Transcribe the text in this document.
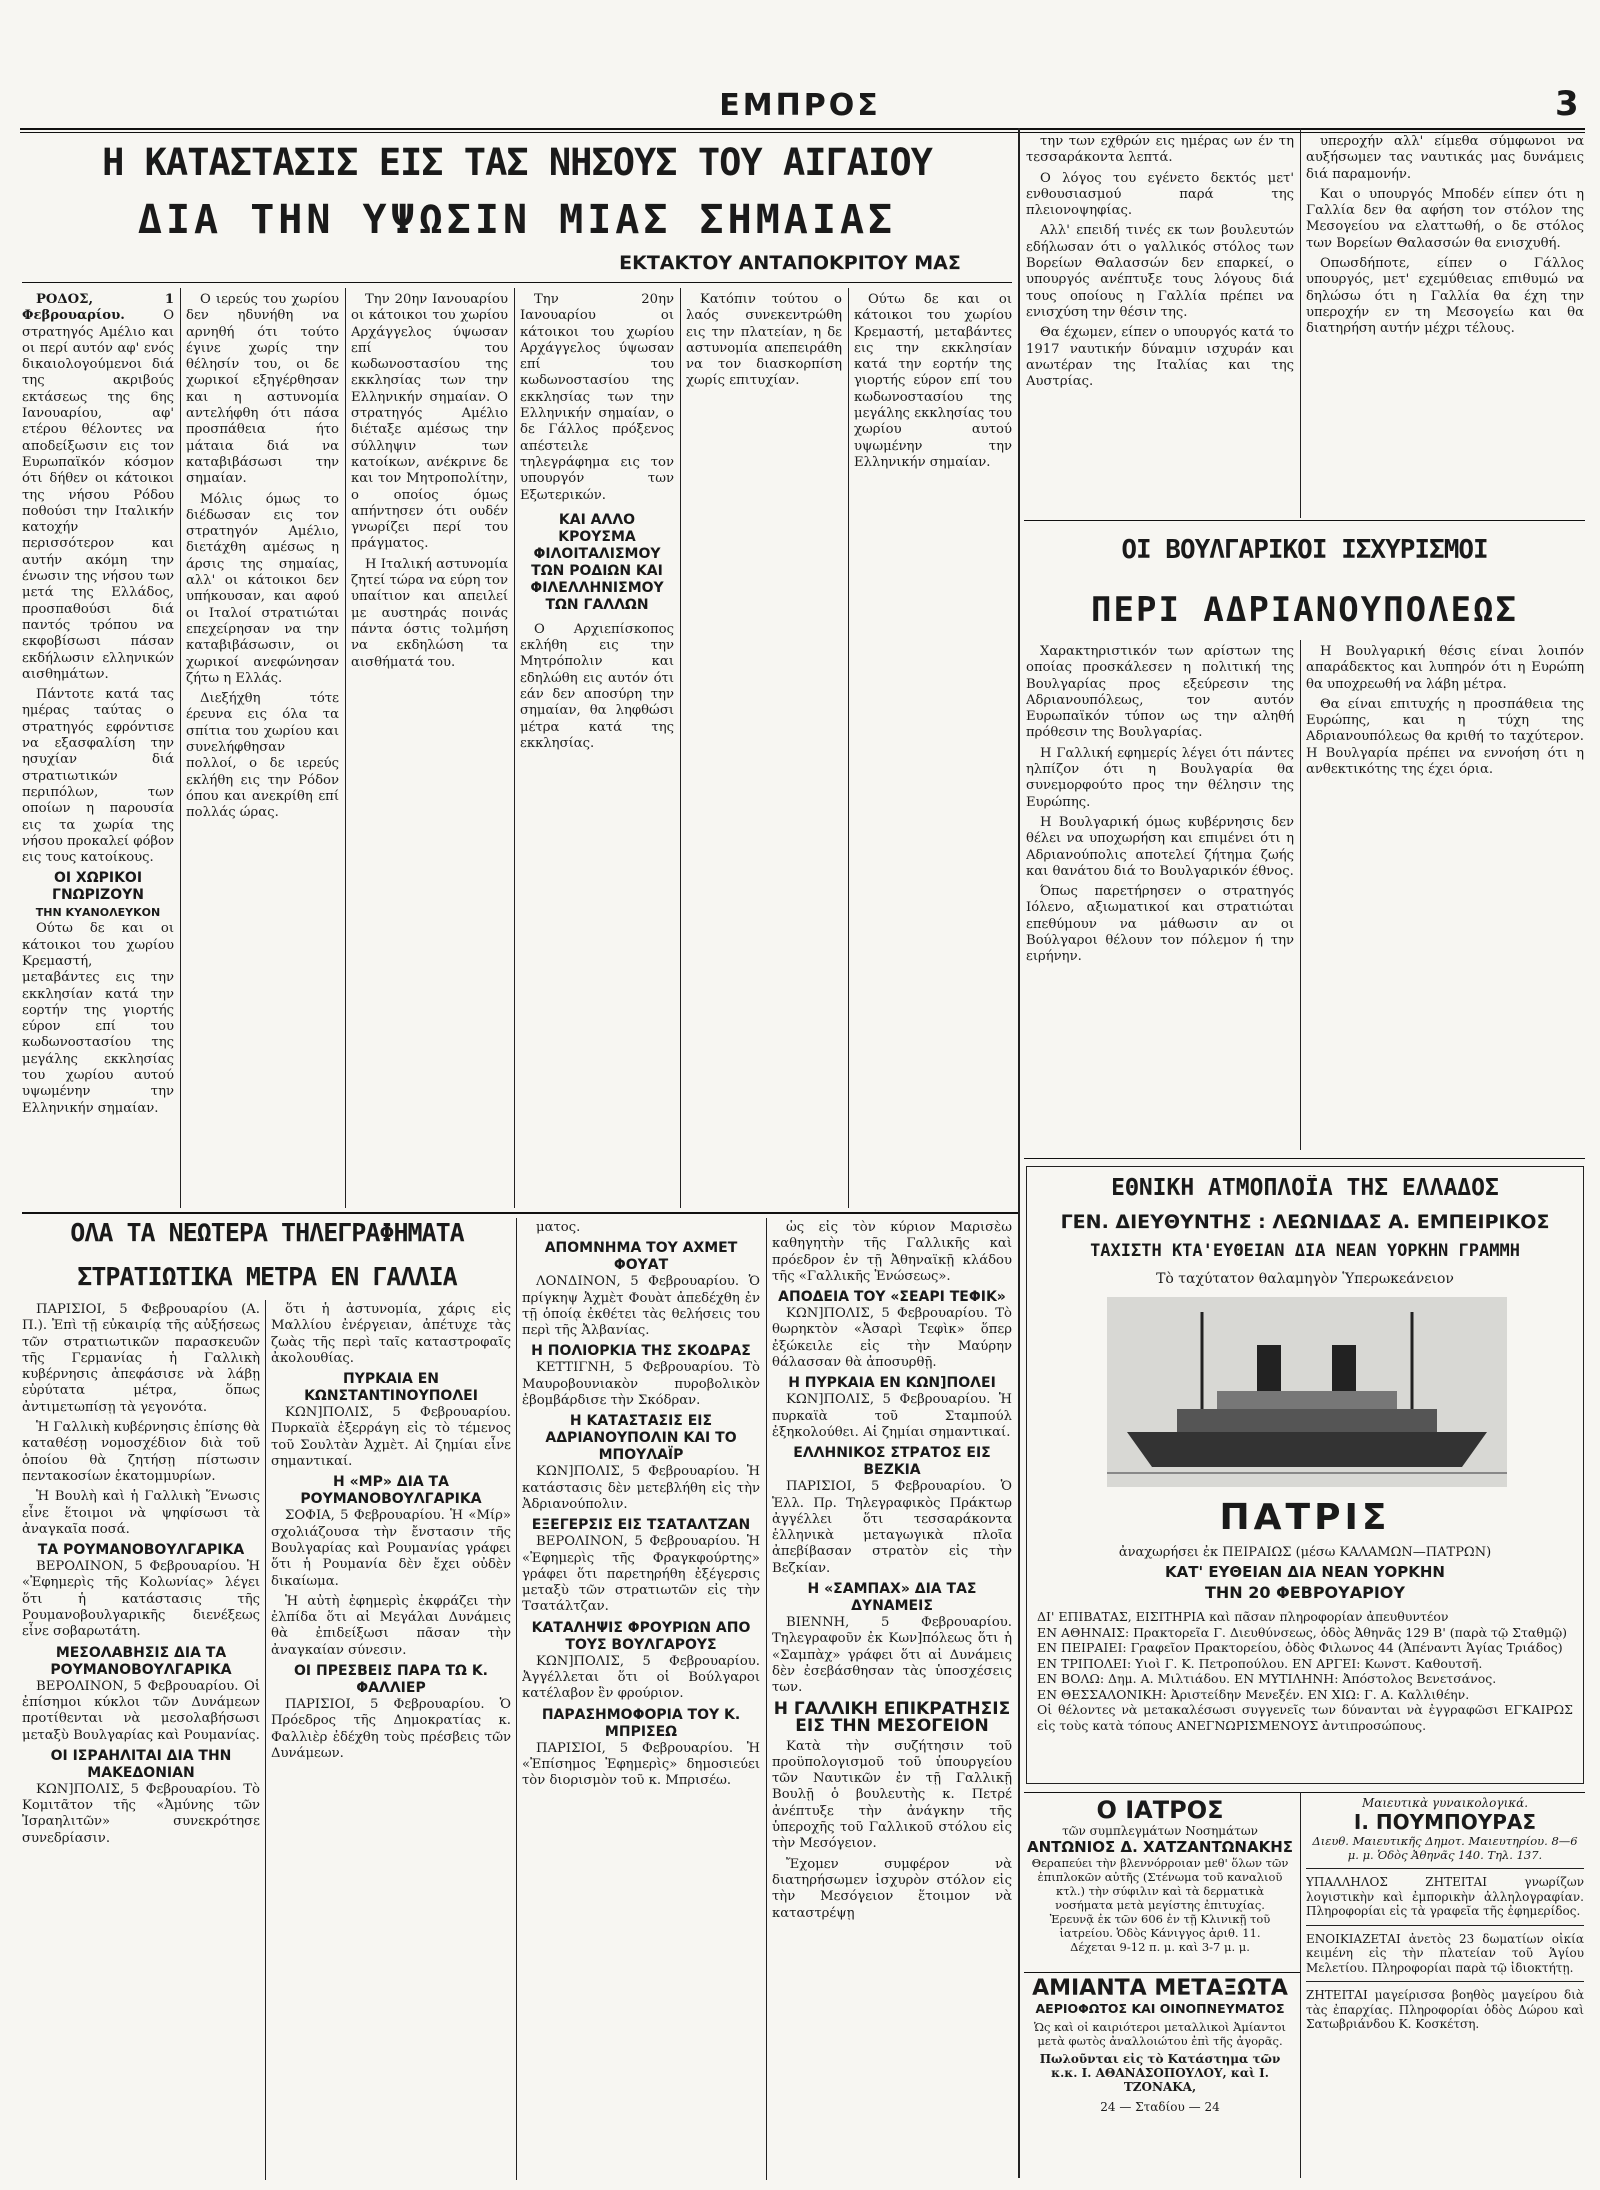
ΕΜΠΡΟΣ	3
Η ΚΑΤΑΣΤΑΣΙΣ ΕΙΣ ΤΑΣ ΝΗΣΟΥΣ ΤΟΥ ΑΙΓΑΙΟΥ
ΔΙΑ ΤΗΝ ΥΨΩΣΙΝ ΜΙΑΣ ΣΗΜΑΙΑΣ
ΕΚΤΑΚΤΟΥ ΑΝΤΑΠΟΚΡΙΤΟΥ ΜΑΣ

ΡΟΔΟΣ, 1 Φεβρουαρίου.	Ο στρατηγός Αμέλιο και οι περί αυτόν αφ' ενός δικαιολογούμενοι διά της ακριβούς εκτάσεως της 6ης Ιανουαρίου, αφ' ετέρου θέλοντες να αποδείξωσιν εις τον Ευρωπαϊκόν κόσμον ότι δήθεν οι κάτοικοι της νήσου Ρόδου ποθούσι την Ιταλικήν κατοχήν περισσότερον και αυτήν ακόμη την ένωσιν της νήσου των μετά της Ελλάδος, προσπαθούσι διά παντός τρόπου να εκφοβίσωσι πάσαν εκδήλωσιν ελληνικών αισθημάτων.

Πάντοτε κατά τας ημέρας ταύτας ο στρατηγός εφρόντισε να εξασφαλίση την ησυχίαν διά στρατιωτικών περιπόλων, των οποίων η παρουσία εις τα χωρία της νήσου προκαλεί φόβον εις τους κατοίκους.

ΟΙ ΧΩΡΙΚΟΙ ΓΝΩΡΙΖΟΥΝ
ΤΗΝ ΚΥΑΝΟΛΕΥΚΟΝ

Ούτω δε και οι κάτοικοι του χωρίου Κρεμαστή, μεταβάντες εις την εκκλησίαν κατά την εορτήν της γιορτής εύρον επί του κωδωνοστασίου της μεγάλης εκκλησίας του χωρίου αυτού υψωμένην την Ελληνικήν σημαίαν.

Ο ιερεύς του χωρίου δεν ηδυνήθη να αρνηθή ότι τούτο έγινε χωρίς την θέλησίν του, οι δε χωρικοί εξηγέρθησαν και η αστυνομία αντελήφθη ότι πάσα προσπάθεια ήτο μάταια διά να καταβιβάσωσι την σημαίαν.

Μόλις όμως το διέδωσαν εις τον στρατηγόν Αμέλιο, διετάχθη αμέσως η άρσις της σημαίας, αλλ' οι κάτοικοι δεν υπήκουσαν, και αφού οι Ιταλοί στρατιώται επεχείρησαν να την καταβιβάσωσιν, οι χωρικοί ανεφώνησαν ζήτω η Ελλάς.

Διεξήχθη τότε έρευνα εις όλα τα σπίτια του χωρίου και συνελήφθησαν πολλοί, ο δε ιερεύς εκλήθη εις την Ρόδον όπου και ανεκρίθη επί πολλάς ώρας.

Την 20ην Ιανουαρίου οι κάτοικοι του χωρίου Αρχάγγελος ύψωσαν επί του κωδωνοστασίου της εκκλησίας των την Ελληνικήν σημαίαν. Ο στρατηγός Αμέλιο διέταξε αμέσως την σύλληψιν των κατοίκων, ανέκρινε δε και τον Μητροπολίτην, ο οποίος όμως απήντησεν ότι ουδέν γνωρίζει περί του πράγματος.

Η Ιταλική αστυνομία ζητεί τώρα να εύρη τον υπαίτιον και απειλεί με αυστηράς ποινάς πάντα όστις τολμήση να εκδηλώση τα αισθήματά του.

Την 20ην Ιανουαρίου οι κάτοικοι του χωρίου Αρχάγγελος ύψωσαν επί του κωδωνοστασίου της εκκλησίας των την Ελληνικήν σημαίαν, ο δε Γάλλος πρόξενος απέστειλε τηλεγράφημα εις τον υπουργόν των Εξωτερικών.

ΚΑΙ ΑΛΛΟ ΚΡΟΥΣΜΑ ΦΙΛΟΙΤΑΛΙΣΜΟΥ ΤΩΝ ΡΟΔΙΩΝ ΚΑΙ ΦΙΛΕΛΛΗΝΙΣΜΟΥ ΤΩΝ ΓΑΛΛΩΝ

Ο Αρχιεπίσκοπος εκλήθη εις την Μητρόπολιν και εδηλώθη εις αυτόν ότι εάν δεν αποσύρη την σημαίαν, θα ληφθώσι μέτρα κατά της εκκλησίας.

Κατόπιν τούτου ο λαός συνεκεντρώθη εις την πλατείαν, η δε αστυνομία απεπειράθη να τον διασκορπίση χωρίς επιτυχίαν.

Ούτω δε και οι κάτοικοι του χωρίου Κρεμαστή, μεταβάντες εις την εκκλησίαν κατά την εορτήν της γιορτής εύρον επί του κωδωνοστασίου της μεγάλης εκκλησίας του χωρίου αυτού υψωμένην την Ελληνικήν σημαίαν.

την των εχθρών εις ημέρας ων έν τη τεσσαράκοντα λεπτά.

Ο λόγος του εγένετο δεκτός μετ' ενθουσιασμού παρά της πλειονοψηφίας.

Αλλ' επειδή τινές εκ των βουλευτών εδήλωσαν ότι ο γαλλικός στόλος των Βορείων Θαλασσών δεν επαρκεί, ο υπουργός ανέπτυξε τους λόγους διά τους οποίους η Γαλλία πρέπει να ενισχύση την θέσιν της.

Θα έχωμεν, είπεν ο υπουργός κατά το 1917 ναυτικήν δύναμιν ισχυράν και ανωτέραν της Ιταλίας και της Αυστρίας.

υπεροχήν αλλ' είμεθα σύμφωνοι να αυξήσωμεν τας ναυτικάς μας δυνάμεις διά παραμονήν.

Και ο υπουργός Μποδέν είπεν ότι η Γαλλία δεν θα αφήση τον στόλον της Μεσογείου να ελαττωθή, ο δε στόλος των Βορείων Θαλασσών θα ενισχυθή.

Οπωσδήποτε, είπεν ο Γάλλος υπουργός, μετ' εχεμύθειας επιθυμώ να δηλώσω ότι η Γαλλία θα έχη την υπεροχήν εν τη Μεσογείω και θα διατηρήση αυτήν μέχρι τέλους.

ΟΙ ΒΟΥΛΓΑΡΙΚΟΙ ΙΣΧΥΡΙΣΜΟΙ
ΠΕΡΙ ΑΔΡΙΑΝΟΥΠΟΛΕΩΣ

Χαρακτηριστικόν των αρίστων της οποίας προσκάλεσεν η πολιτική της Βουλγαρίας προς εξεύρεσιν της Αδριανουπόλεως, τον αυτόν Ευρωπαϊκόν τύπον ως την αληθή πρόθεσιν της Βουλγαρίας.

Η Γαλλική εφημερίς λέγει ότι πάντες ηλπίζον ότι η Βουλγαρία θα συνεμορφούτο προς την θέλησιν της Ευρώπης.

Η Βουλγαρική όμως κυβέρνησις δεν θέλει να υποχωρήση και επιμένει ότι η Αδριανούπολις αποτελεί ζήτημα ζωής και θανάτου διά το Βουλγαρικόν έθνος.

Όπως παρετήρησεν ο στρατηγός Ιόλενο, αξιωματικοί και στρατιώται επεθύμουν να μάθωσιν αν οι Βούλγαροι θέλουν τον πόλεμον ή την ειρήνην.

Η Βουλγαρική θέσις είναι λοιπόν απαράδεκτος και λυπηρόν ότι η Ευρώπη θα υποχρεωθή να λάβη μέτρα.

Θα είναι επιτυχής η προσπάθεια της Ευρώπης, και η τύχη της Αδριανουπόλεως θα κριθή το ταχύτερον. Η Βουλγαρία πρέπει να εννοήση ότι η ανθεκτικότης της έχει όρια.

ΕΘΝΙΚΗ ΑΤΜΟΠΛΟΪΑ ΤΗΣ ΕΛΛΑΔΟΣ
ΓΕΝ. ΔΙΕΥΘΥΝΤΗΣ : ΛΕΩΝΙΔΑΣ Α. ΕΜΠΕΙΡΙΚΟΣ
ΤΑΧΙΣΤΗ ΚΤΑ'ΕΥΘΕΙΑΝ ΔΙΑ ΝΕΑΝ ΥΟΡΚΗΝ ΓΡΑΜΜΗ
Τὸ ταχύτατον θαλαμηγὸν Ὑπερωκεάνειον
ΠΑΤΡΙΣ
ἀναχωρήσει ἐκ ΠΕΙΡΑΙΩΣ (μέσω ΚΑΛΑΜΩΝ—ΠΑΤΡΩΝ)
ΚΑΤ' ΕΥΘΕΙΑΝ ΔΙΑ ΝΕΑΝ ΥΟΡΚΗΝ
ΤΗΝ 20 ΦΕΒΡΟΥΑΡΙΟΥ
ΔΙ' ΕΠΙΒΑΤΑΣ, ΕΙΣΙΤΗΡΙΑ καὶ πᾶσαν πληροφορίαν ἀπευθυντέον
ΕΝ ΑΘΗΝΑΙΣ: Πρακτορεῖα Γ. Διευθύνσεως, ὁδὸς Ἀθηνᾶς 129 Β' (παρὰ τῷ Σταθμῷ)
ΕΝ ΠΕΙΡΑΙΕΙ: Γραφεῖον Πρακτορείου, ὁδὸς Φιλωνος 44 (Ἀπέναντι Ἁγίας Τριάδος)
ΕΝ ΤΡΙΠΟΛΕΙ: Υιοὶ Γ. Κ. Πετροπούλου. ΕΝ ΑΡΓΕΙ: Κωνστ. Καθουτσῆ.
ΕΝ ΒΟΛΩ: Δημ. Α. Μιλτιάδου. ΕΝ ΜΥΤΙΛΗΝΗ: Ἀπόστολος Βενετσάνος.
ΕΝ ΘΕΣΣΑΛΟΝΙΚΗ: Ἀριστείδην Μενεξέν. ΕΝ ΧΙΩ: Γ. Α. Καλλιθέην.
Οἱ θέλοντες νὰ μετακαλέσωσι συγγενεῖς των δύνανται νὰ ἐγγραφῶσι ΕΓΚΑΙΡΩΣ εἰς τοὺς κατὰ τόπους ΑΝΕΓΝΩΡΙΣΜΕΝΟΥΣ ἀντιπροσώπους.
ΟΛΑ ΤΑ ΝΕΩΤΕΡΑ ΤΗΛΕΓΡΑΦΗΜΑΤΑ
ΣΤΡΑΤΙΩΤΙΚΑ ΜΕΤΡΑ ΕΝ ΓΑΛΛΙΑ

ΠΑΡΙΣΙΟΙ, 5 Φεβρουαρίου (Α. Π.). Ἐπὶ τῇ εὐκαιρίᾳ τῆς αὐξήσεως τῶν στρατιωτικῶν παρασκευῶν τῆς Γερμανίας ἡ Γαλλικὴ κυβέρνησις ἀπεφάσισε νὰ λάβῃ εὐρύτατα μέτρα, ὅπως ἀντιμετωπίσῃ τὰ γεγονότα.

Ἡ Γαλλικὴ κυβέρνησις ἐπίσης θὰ καταθέσῃ νομοσχέδιον διὰ τοῦ ὁποίου θὰ ζητήσῃ πίστωσιν πεντακοσίων ἑκατομμυρίων.

Ἡ Βουλὴ καὶ ἡ Γαλλικὴ Ἕνωσις εἶνε ἕτοιμοι νὰ ψηφίσωσι τὰ ἀναγκαῖα ποσά.

ΤΑ ΡΟΥΜΑΝΟΒΟΥΛΓΑΡΙΚΑ

ΒΕΡΟΛΙΝΟΝ, 5 Φεβρουαρίου. Ἡ «Ἐφημερὶς τῆς Κολωνίας» λέγει ὅτι ἡ κατάστασις τῆς Ρουμανοβουλγαρικῆς διενέξεως εἶνε σοβαρωτάτη.

ΜΕΣΟΛΑΒΗΣΙΣ ΔΙΑ ΤΑ ΡΟΥΜΑΝΟΒΟΥΛΓΑΡΙΚΑ

ΒΕΡΟΛΙΝΟΝ, 5 Φεβρουαρίου. Οἱ ἐπίσημοι κύκλοι τῶν Δυνάμεων προτίθενται νὰ μεσολαβήσωσι μεταξὺ Βουλγαρίας καὶ Ρουμανίας.

ΟΙ ΙΣΡΑΗΛΙΤΑΙ ΔΙΑ ΤΗΝ ΜΑΚΕΔΟΝΙΑΝ

ΚΩΝ]ΠΟΛΙΣ, 5 Φεβρουαρίου. Τὸ Κομιτᾶτον τῆς «Ἀμύνης τῶν Ἰσραηλιτῶν» συνεκρότησε συνεδρίασιν.

ὅτι ἡ ἀστυνομία, χάρις εἰς Μαλλίου ἐνέργειαν, ἀπέτυχε τὰς ζωὰς τῆς περὶ ταῖς καταστροφαῖς ἀκολουθίας.

ΠΥΡΚΑΙΑ ΕΝ ΚΩΝΣΤΑΝΤΙΝΟΥΠΟΛΕΙ

ΚΩΝ]ΠΟΛΙΣ, 5 Φεβρουαρίου. Πυρκαϊὰ ἐξερράγη εἰς τὸ τέμενος τοῦ Σουλτὰν Ἀχμὲτ. Αἱ ζημίαι εἶνε σημαντικαί.

Η «ΜΡ» ΔΙΑ ΤΑ ΡΟΥΜΑΝΟΒΟΥΛΓΑΡΙΚΑ

ΣΟΦΙΑ, 5 Φεβρουαρίου. Ἡ «Μίρ» σχολιάζουσα τὴν ἔνστασιν τῆς Βουλγαρίας καὶ Ρουμανίας γράφει ὅτι ἡ Ρουμανία δὲν ἔχει οὐδὲν δικαίωμα.

Ἡ αὐτὴ ἐφημερὶς ἐκφράζει τὴν ἐλπίδα ὅτι αἱ Μεγάλαι Δυνάμεις θὰ ἐπιδείξωσι πᾶσαν τὴν ἀναγκαίαν σύνεσιν.

ΟΙ ΠΡΕΣΒΕΙΣ ΠΑΡΑ ΤΩ Κ. ΦΑΛΛΙΕΡ

ΠΑΡΙΣΙΟΙ, 5 Φεβρουαρίου. Ὁ Πρόεδρος τῆς Δημοκρατίας κ. Φαλλιὲρ ἐδέχθη τοὺς πρέσβεις τῶν Δυνάμεων.

ματος.

ΑΠΟΜΝΗΜΑ ΤΟΥ ΑΧΜΕΤ ΦΟΥΑΤ

ΛΟΝΔΙΝΟΝ, 5 Φεβρουαρίου. Ὁ πρίγκηψ Ἀχμὲτ Φουὰτ ἀπεδέχθη ἐν τῇ ὁποίᾳ ἐκθέτει τὰς θελήσεις του περὶ τῆς Ἀλβανίας.

Η ΠΟΛΙΟΡΚΙΑ ΤΗΣ ΣΚΟΔΡΑΣ

ΚΕΤΤΙΓΝΗ, 5 Φεβρουαρίου. Τὸ Μαυροβουνιακὸν πυροβολικὸν ἐβομβάρδισε τὴν Σκόδραν.

Η ΚΑΤΑΣΤΑΣΙΣ ΕΙΣ ΑΔΡΙΑΝΟΥΠΟΛΙΝ ΚΑΙ ΤΟ ΜΠΟΥΛΑΪΡ

ΚΩΝ]ΠΟΛΙΣ, 5 Φεβρουαρίου. Ἡ κατάστασις δὲν μετεβλήθη εἰς τὴν Ἀδριανούπολιν.

ΕΞΕΓΕΡΣΙΣ ΕΙΣ ΤΣΑΤΑΛΤΖΑΝ

ΒΕΡΟΛΙΝΟΝ, 5 Φεβρουαρίου. Ἡ «Ἐφημερὶς τῆς Φραγκφούρτης» γράφει ὅτι παρετηρήθη ἐξέγερσις μεταξὺ τῶν στρατιωτῶν εἰς τὴν Τσατάλτζαν.

ΚΑΤΑΛΗΨΙΣ ΦΡΟΥΡΙΩΝ ΑΠΟ ΤΟΥΣ ΒΟΥΛΓΑΡΟΥΣ

ΚΩΝ]ΠΟΛΙΣ, 5 Φεβρουαρίου. Ἀγγέλλεται ὅτι οἱ Βούλγαροι κατέλαβον ἓν φρούριον.

ΠΑΡΑΣΗΜΟΦΟΡΙΑ ΤΟΥ Κ. ΜΠΡΙΣΕΩ

ΠΑΡΙΣΙΟΙ, 5 Φεβρουαρίου. Ἡ «Ἐπίσημος Ἐφημερὶς» δημοσιεύει τὸν διορισμὸν τοῦ κ. Μπρισέω.

ὡς εἰς τὸν κύριον Μαρισὲω καθηγητὴν τῆς Γαλλικῆς καὶ πρόεδρον ἐν τῇ Ἀθηναϊκῇ κλάδου τῆς «Γαλλικῆς Ἑνώσεως».

ΑΠΟΔΕΙΑ ΤΟΥ «ΣΕΑΡΙ ΤΕΦΙΚ»

ΚΩΝ]ΠΟΛΙΣ, 5 Φεβρουαρίου. Τὸ θωρηκτὸν «Ἀσαρὶ Τεφὶκ» ὅπερ ἐξώκειλε εἰς τὴν Μαύρην θάλασσαν θὰ ἀποσυρθῇ.

Η ΠΥΡΚΑΙΑ ΕΝ ΚΩΝ]ΠΟΛΕΙ

ΚΩΝ]ΠΟΛΙΣ, 5 Φεβρουαρίου. Ἡ πυρκαϊὰ τοῦ Σταμπούλ ἐξηκολούθει. Αἱ ζημίαι σημαντικαί.

ΕΛΛΗΝΙΚΟΣ ΣΤΡΑΤΟΣ ΕΙΣ ΒΕΖΚΙΑ

ΠΑΡΙΣΙΟΙ, 5 Φεβρουαρίου. Ὁ Ἑλλ. Πρ. Τηλεγραφικὸς Πράκτωρ ἀγγέλλει ὅτι τεσσαράκοντα ἑλληνικὰ μεταγωγικὰ πλοῖα ἀπεβίβασαν στρατὸν εἰς τὴν Βεζκίαν.

Η «ΣΑΜΠΑΧ» ΔΙΑ ΤΑΣ ΔΥΝΑΜΕΙΣ

ΒΙΕΝΝΗ, 5 Φεβρουαρίου. Τηλεγραφοῦν ἐκ Κων]πόλεως ὅτι ἡ «Σαμπὰχ» γράφει ὅτι αἱ Δυνάμεις δὲν ἐσεβάσθησαν τὰς ὑποσχέσεις των.

Η ΓΑΛΛΙΚΗ ΕΠΙΚΡΑΤΗΣΙΣ
ΕΙΣ ΤΗΝ ΜΕΣΟΓΕΙΟΝ

Κατὰ τὴν συζήτησιν τοῦ προϋπολογισμοῦ τοῦ ὑπουργείου τῶν Ναυτικῶν ἐν τῇ Γαλλικῇ Βουλῇ ὁ βουλευτὴς κ. Πετρέ ἀνέπτυξε τὴν ἀνάγκην τῆς ὑπεροχῆς τοῦ Γαλλικοῦ στόλου εἰς τὴν Μεσόγειον.

Ἔχομεν συμφέρον νὰ διατηρήσωμεν ἰσχυρὸν στόλον εἰς τὴν Μεσόγειον ἕτοιμον νὰ καταστρέψῃ

Ο ΙΑΤΡΟΣ
τῶν συμπλεγμάτων Νοσημάτων
ΑΝΤΩΝΙΟΣ Δ. ΧΑΤΖΑΝΤΩΝΑΚΗΣ
Θεραπεύει τὴν βλεννόρροιαν μεθ' ὅλων τῶν ἐπιπλοκῶν αὐτῆς (Στένωμα τοῦ καναλιοῦ κτλ.) τὴν σύφιλιν καὶ τὰ δερματικὰ νοσήματα μετὰ μεγίστης ἐπιτυχίας.
Ἐρευνᾷ ἐκ τῶν 606 ἐν τῇ Κλινικῇ τοῦ ἰατρείου. Ὁδὸς Κάνιγγος ἀριθ. 11.
Δέχεται 9-12 π. μ. καὶ 3-7 μ. μ.
ΑΜΙΑΝΤΑ ΜΕΤΑΞΩΤΑ
ΑΕΡΙΟΦΩΤΟΣ ΚΑΙ ΟΙΝΟΠΝΕΥΜΑΤΟΣ
Ὡς καὶ οἱ καιριότεροι μεταλλικοὶ Ἀμίαντοι μετὰ φωτὸς ἀναλλοιώτου ἐπὶ τῆς ἀγορᾶς.
Πωλοῦνται εἰς τὸ Κατάστημα τῶν κ.κ. Ι. ΑΘΑΝΑΣΟΠΟΥΛΟΥ, καὶ Ι. ΤΖΟΝΑΚΑ,
24 — Σταδίου — 24
Μαιευτικὰ γυναικολογικά.
Ι. ΠΟΥΜΠΟΥΡΑΣ
Διευθ. Μαιευτικῆς Δημοτ. Μαιευτηρίου. 8—6 μ. μ. Ὁδὸς Ἀθηνᾶς 140. Τηλ. 137.
ΥΠΑΛΛΗΛΟΣ ΖΗΤΕΙΤΑΙ γνωρίζων λογιστικὴν καὶ ἐμπορικὴν ἀλληλογραφίαν. Πληροφορίαι εἰς τὰ γραφεῖα τῆς ἐφημερίδος.
ΕΝΟΙΚΙΑΖΕΤΑΙ ἀνετὸς 23 δωματίων οἰκία κειμένη εἰς τὴν πλατείαν τοῦ Ἁγίου Μελετίου. Πληροφορίαι παρὰ τῷ ἰδιοκτήτῃ.
ΖΗΤΕΙΤΑΙ μαγείρισσα βοηθὸς μαγείρου διὰ τὰς ἐπαρχίας. Πληροφορίαι ὁδὸς Δώρου καὶ Σατωβριάνδου Κ. Κοσκέτση.
